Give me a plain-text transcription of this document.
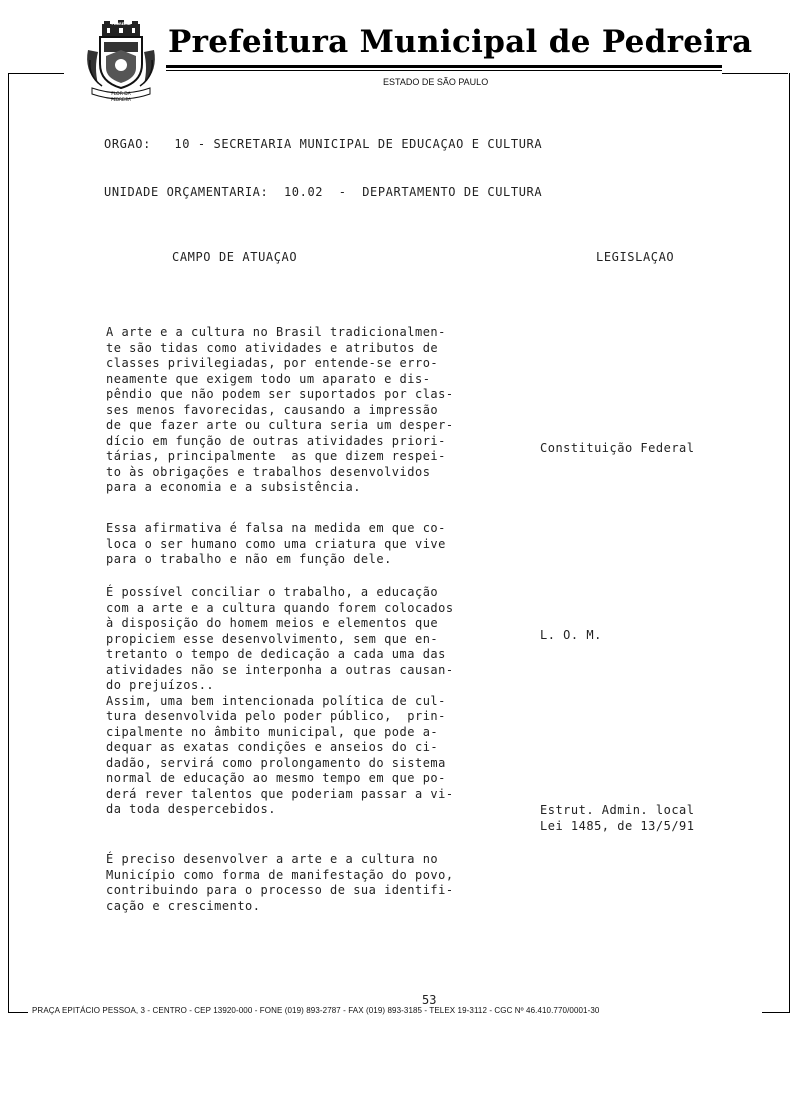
FLOR DA
PEDREIRA
PEDREIRA Prefeitura Municipal de Pedreira
ESTADO DE SÃO PAULO
ORGAO:   10 - SECRETARIA MUNICIPAL DE EDUCAÇAO E CULTURA
UNIDADE ORÇAMENTARIA:  10.02  -  DEPARTAMENTO DE CULTURA
CAMPO DE ATUAÇAO	LEGISLAÇAO
A arte e a cultura no Brasil tradicionalmen-
te são tidas como atividades e atributos de
classes privilegiadas, por entende-se erro-
neamente que exigem todo um aparato e dis-
pêndio que não podem ser suportados por clas-
ses menos favorecidas, causando a impressão
de que fazer arte ou cultura seria um desper-
dício em função de outras atividades priori-
tárias, principalmente  as que dizem respei-
to às obrigações e trabalhos desenvolvidos
para a economia e a subsistência.
Essa afirmativa é falsa na medida em que co-
loca o ser humano como uma criatura que vive
para o trabalho e não em função dele.
É possível conciliar o trabalho, a educação
com a arte e a cultura quando forem colocados
à disposição do homem meios e elementos que
propiciem esse desenvolvimento, sem que en-
tretanto o tempo de dedicação a cada uma das
atividades não se interponha a outras causan-
do prejuízos..
Assim, uma bem intencionada política de cul-
tura desenvolvida pelo poder público,  prin-
cipalmente no âmbito municipal, que pode a-
dequar as exatas condições e anseios do ci-
dadão, servirá como prolongamento do sistema
normal de educação ao mesmo tempo em que po-
derá rever talentos que poderiam passar a vi-
da toda despercebidos.
É preciso desenvolver a arte e a cultura no
Município como forma de manifestação do povo,
contribuindo para o processo de sua identifi-
cação e crescimento.
Constituição Federal
L. O. M.
Estrut. Admin. local
Lei 1485, de 13/5/91
53
PRAÇA EPITÁCIO PESSOA, 3 - CENTRO - CEP 13920-000 - FONE (019) 893-2787 - FAX (019) 893-3185 - TELEX 19-3112 - CGC Nº 46.410.770/0001-30
